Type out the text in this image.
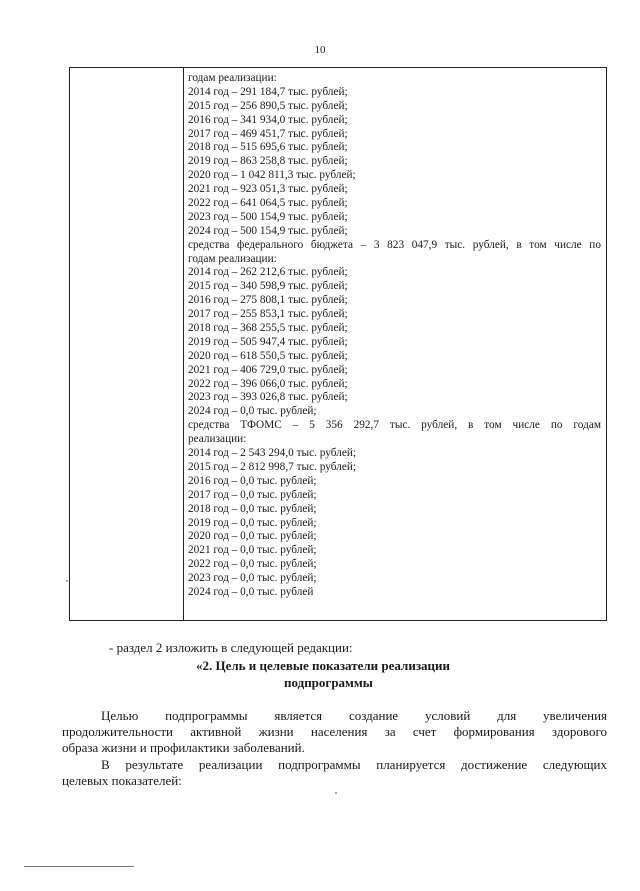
10
годам реализации:
2014 год – 291 184,7 тыс. рублей;
2015 год – 256 890,5 тыс. рублей;
2016 год – 341 934,0 тыс. рублей;
2017 год – 469 451,7 тыс. рублей;
2018 год – 515 695,6 тыс. рублей;
2019 год – 863 258,8 тыс. рублей;
2020 год – 1 042 811,3 тыс. рублей;
2021 год – 923 051,3 тыс. рублей;
2022 год – 641 064,5 тыс. рублей;
2023 год – 500 154,9 тыс. рублей;
2024 год – 500 154,9 тыс. рублей;
средства федерального бюджета – 3 823 047,9 тыс. рублей, в том числе по
годам реализации:
2014 год – 262 212,6 тыс. рублей;
2015 год – 340 598,9 тыс. рублей;
2016 год – 275 808,1 тыс. рублей;
2017 год – 255 853,1 тыс. рублей;
2018 год – 368 255,5 тыс. рублей;
2019 год – 505 947,4 тыс. рублей;
2020 год – 618 550,5 тыс. рублей;
2021 год – 406 729,0 тыс. рублей;
2022 год – 396 066,0 тыс. рублей;
2023 год – 393 026,8 тыс. рублей;
2024 год – 0,0 тыс. рублей;
средства ТФОМС – 5 356 292,7 тыс. рублей, в том числе по годам
реализации:
2014 год – 2 543 294,0 тыс. рублей;
2015 год – 2 812 998,7 тыс. рублей;
2016 год – 0,0 тыс. рублей;
2017 год – 0,0 тыс. рублей;
2018 год – 0,0 тыс. рублей;
2019 год – 0,0 тыс. рублей;
2020 год – 0,0 тыс. рублей;
2021 год – 0,0 тыс. рублей;
2022 год – 0,0 тыс. рублей;
2023 год – 0,0 тыс. рублей;
2024 год – 0,0 тыс. рублей
- раздел 2 изложить в следующей редакции:
«2. Цель и целевые показатели реализации
подпрограммы
Целью подпрограммы является создание условий для увеличения
продолжительности активной жизни населения за счет формирования здорового
образа жизни и профилактики заболеваний.
В результате реализации подпрограммы планируется достижение следующих
целевых показателей:
